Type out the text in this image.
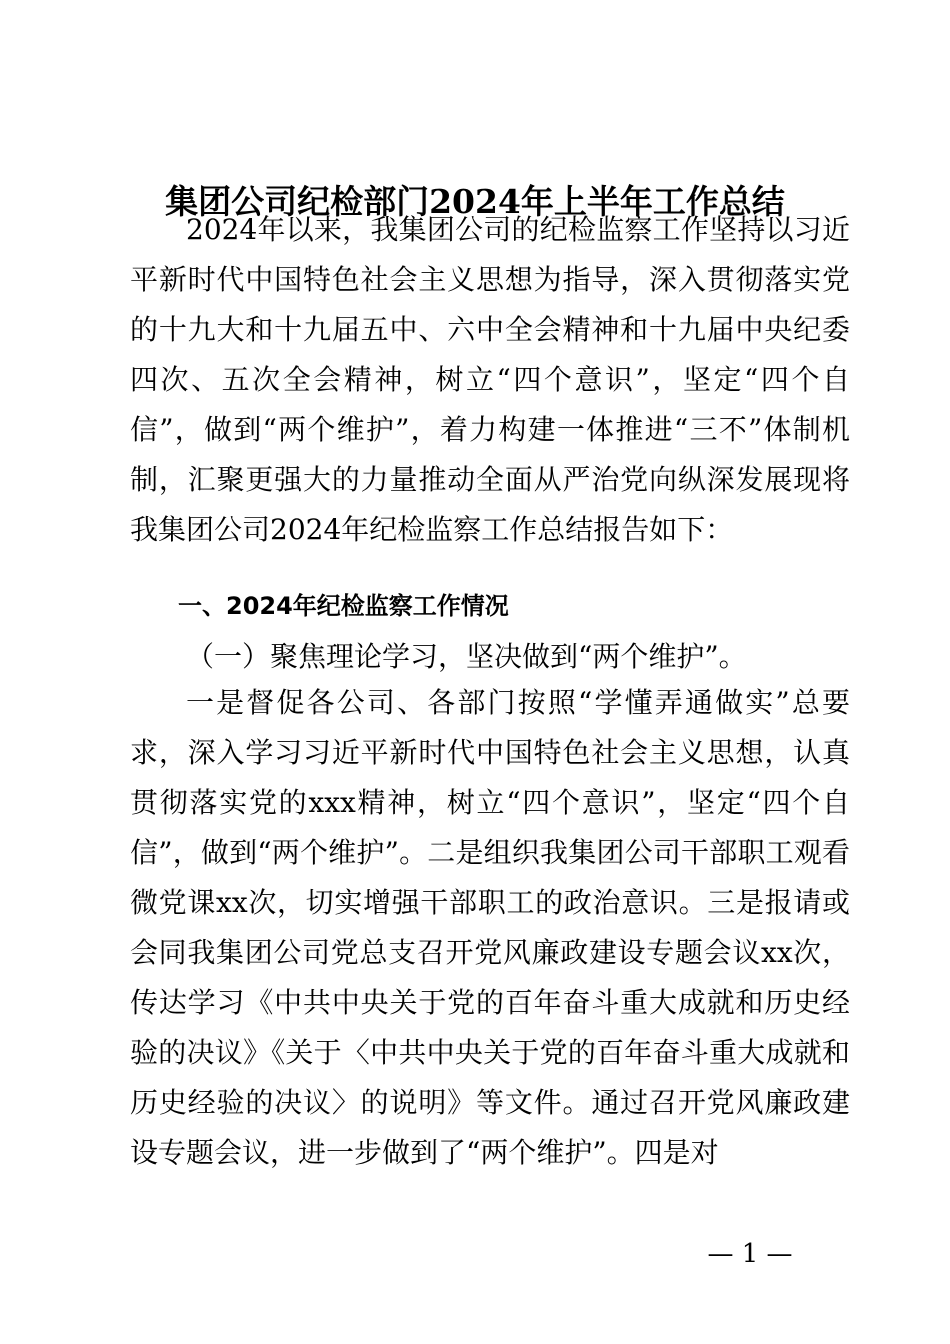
集团公司纪检部门2024年上半年工作总结

2024年以来，我集团公司的纪检监察工作坚持以习近平新时代中国特色社会主义思想为指导，深入贯彻落实党的十九大和十九届五中、六中全会精神和十九届中央纪委四次、五次全会精神，树立“四个意识”，坚定“四个自信”，做到“两个维护”，着力构建一体推进“三不”体制机制，汇聚更强大的力量推动全面从严治党向纵深发展现将我集团公司2024年纪检监察工作总结报告如下：

一、2024年纪检监察工作情况
（一）聚焦理论学习，坚决做到“两个维护”。

一是督促各公司、各部门按照“学懂弄通做实”总要求，深入学习习近平新时代中国特色社会主义思想，认真贯彻落实党的xxx精神，树立“四个意识”，坚定“四个自信”，做到“两个维护”。二是组织我集团公司干部职工观看微党课xx次，切实增强干部职工的政治意识。三是报请或会同我集团公司党总支召开党风廉政建设专题会议xx次，传达学习《中共中央关于党的百年奋斗重大成就和历史经验的决议》《关于〈中共中央关于党的百年奋斗重大成就和历史经验的决议〉的说明》等文件。通过召开党风廉政建设专题会议，进一步做到了“两个维护”。四是对

— 1 —
